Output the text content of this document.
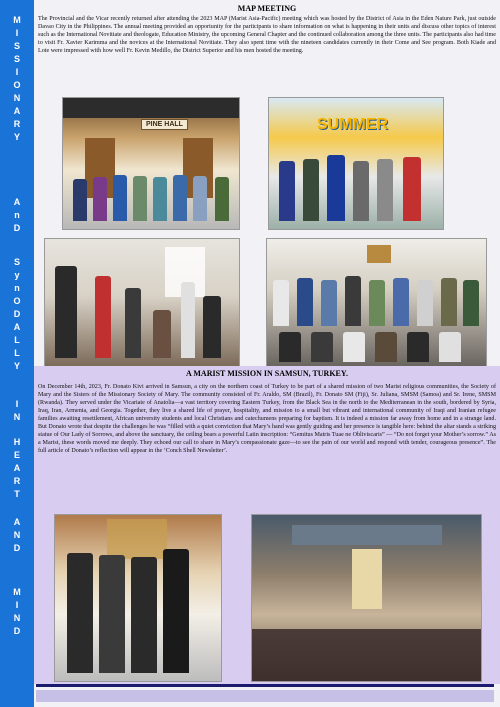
M
I
S
S
I
O
N
A
R
Y
A
n
D
S
y
n
O
D
A
L
L
Y
I
N
H
E
A
R
T
A
N
D
M
I
N
D
MAP MEETING
The Provincial and the Vicar recently returned after attending the 2023 MAP (Marist Asia-Pacific) meeting which was hosted by the District of Asia in the Eden Nature Park, just outside Davao City in the Philippines. The annual meeting provided an opportunity for the participants to share information on what is happening in their units and discuss other topics of interest such as the International Novitiate and theologate, Education Ministry, the upcoming General Chapter and the continued collaboration among the three units. The participants also had time to visit Fr. Xavier Karimma and the novices at the International Novitiate. They also spent time with the nineteen candidates currently in their Come and See program. Both Kiade and Lote were impressed with how well Fr. Kevin Medillo, the District Superior and his men hosted the meeting.
PINE HALL	SUMMER
A MARIST MISSION IN SAMSUN, TURKEY.
On December 14th, 2023, Fr. Donato Kivi arrived in Samsun, a city on the northern coast of Turkey to be part of a shared mission of two Marist religious communities, the Society of Mary and the Sisters of the Missionary Society of Mary. The community consisted of Fr. Araldo, SM (Brazil), Fr. Donato SM (Fiji), Sr. Juliana, SMSM (Samoa) and Sr. Irene, SMSM (Rwanda). They served under the Vicariate of Anatolia—a vast territory covering Eastern Turkey, from the Black Sea in the north to the Mediterranean in the south, bordered by Syria, Iraq, Iran, Armenia, and Georgia. Together, they live a shared life of prayer, hospitality, and mission to a small but vibrant and international community of Iraqi and Iranian refugee families awaiting resettlement, African university students and local Christians and catechumens preparing for baptism. It is indeed a mission far away from home and in a strange land. But Donato wrote that despite the challenges he was “filled with a quiet conviction that Mary’s hand was gently guiding and her presence is tangible here: behind the altar stands a striking statue of Our Lady of Sorrows, and above the sanctuary, the ceiling bears a powerful Latin inscription: “Gemitus Matris Tuae ne Obliviscaris” — “Do not forget your Mother’s sorrow.” As a Marist, these words moved me deeply. They echoed our call to share in Mary’s compassionate gaze—to see the pain of our world and respond with tender, courageous presence”. The full article of Donato’s reflection will appear in the ‘Conch Shell Newsletter’.
